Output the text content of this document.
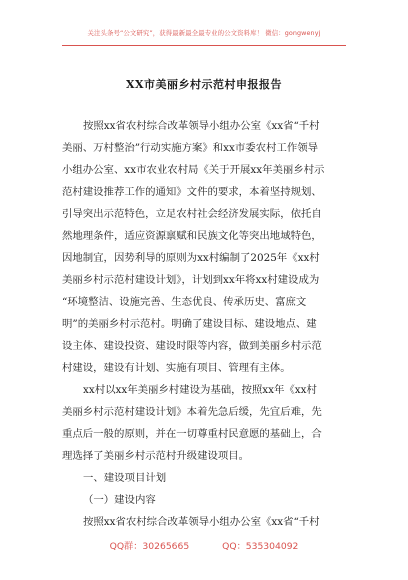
关注头条号“公文研究”，获得最新最全最专业的公文资料库！ 微信：gongwenyj
XX市美丽乡村示范村申报报告
按照xx省农村综合改革领导小组办公室《xx省“千村
美丽、万村整治”行动实施方案》和xx市委农村工作领导
小组办公室、xx市农业农村局《关于开展xx年美丽乡村示
范村建设推荐工作的通知》文件的要求，本着坚持规划、
引导突出示范特色，立足农村社会经济发展实际，依托自
然地理条件，适应资源禀赋和民族文化等突出地域特色，
因地制宜，因势利导的原则为xx村编制了2025年《xx村
美丽乡村示范村建设计划》，计划到xx年将xx村建设成为
“环境整洁、设施完善、生态优良、传承历史、富庶文
明”的美丽乡村示范村。明确了建设目标、建设地点、建
设主体、建设投资、建设时限等内容，做到美丽乡村示范
村建设，建设有计划、实施有项目、管理有主体。
xx村以xx年美丽乡村建设为基础，按照xx年《xx村
美丽乡村示范村建设计划》本着先急后缓，先宜后难，先
重点后一般的原则，并在一切尊重村民意愿的基础上，合
理选择了美丽乡村示范村升级建设项目。
一、建设项目计划
（一）建设内容
按照xx省农村综合改革领导小组办公室《xx省“千村
QQ群：30265665	QQ：535304092
